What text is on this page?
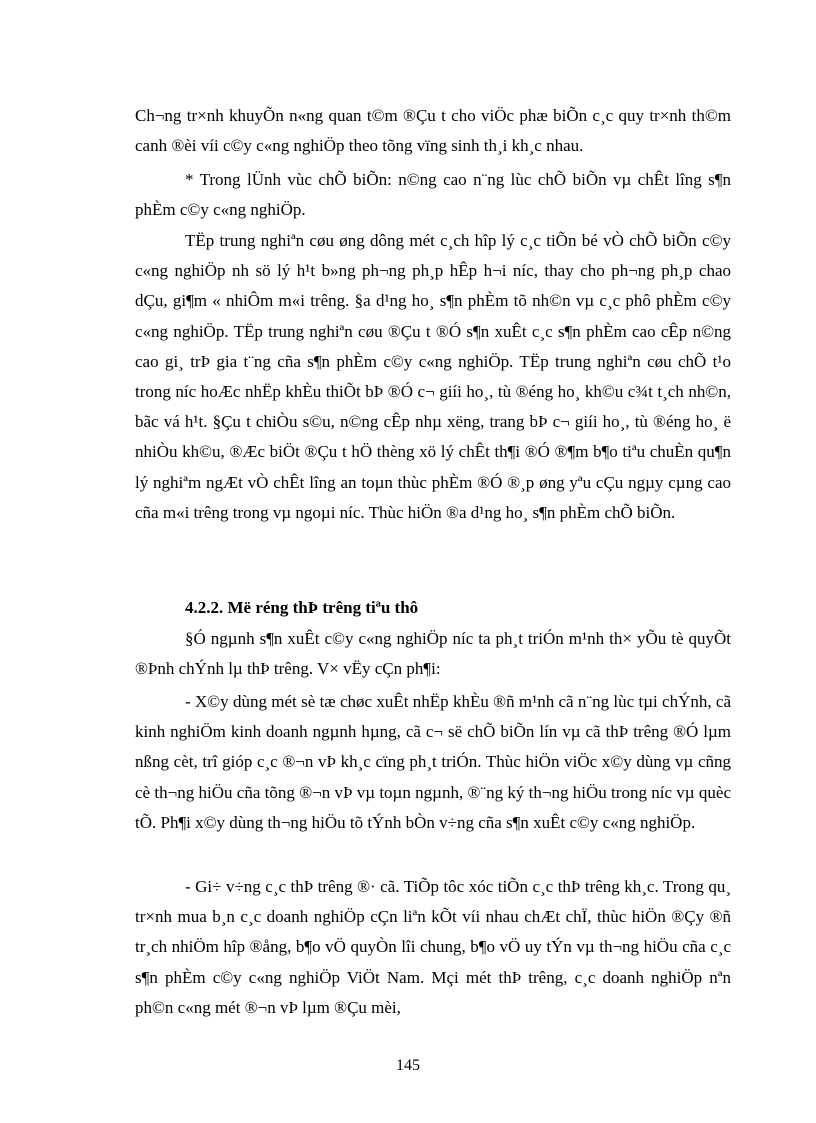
Ch¬ng tr×nh khuyÕn n«ng quan t©m ®Çu t cho viÖc phæ biÕn c¸c quy tr×nh th©m canh ®èi víi c©y c«ng nghiÖp theo tõng vïng sinh th¸i kh¸c nhau.

* Trong lÜnh vùc chÕ biÕn: n©ng cao n¨ng lùc chÕ biÕn vµ chÊt lîng s¶n phÈm c©y c«ng nghiÖp.

TËp trung nghiªn cøu øng dông mét c¸ch hîp lý c¸c tiÕn bé vÒ chÕ biÕn c©y c«ng nghiÖp nh sö lý h¹t b»ng ph¬ng ph¸p hÊp h¬i níc, thay cho ph¬ng ph¸p chao dÇu, gi¶m « nhiÔm m«i trêng. §a d¹ng ho¸ s¶n phÈm tõ nh©n vµ c¸c phô phÈm c©y c«ng nghiÖp. TËp trung nghiªn cøu ®Çu t ®Ó s¶n xuÊt c¸c s¶n phÈm cao cÊp n©ng cao gi¸ trÞ gia t¨ng cña s¶n phÈm c©y c«ng nghiÖp. TËp trung nghiªn cøu chÕ t¹o trong níc hoÆc nhËp khÈu thiÕt bÞ ®Ó c¬ giíi ho¸, tù ®éng ho¸ kh©u c¾t t¸ch nh©n, bãc vá h¹t. §Çu t chiÒu s©u, n©ng cÊp nhµ xëng, trang bÞ c¬ giíi ho¸, tù ®éng ho¸ ë nhiÒu kh©u, ®Æc biÖt ®Çu t hÖ thèng xö lý chÊt th¶i ®Ó ®¶m b¶o tiªu chuÈn qu¶n lý nghiªm ngÆt vÒ chÊt lîng an toµn thùc phÈm ®Ó ®¸p øng yªu cÇu ngµy cµng cao cña m«i trêng trong vµ ngoµi níc. Thùc hiÖn ®a d¹ng ho¸ s¶n phÈm chÕ biÕn.

4.2.2. Më réng thÞ trêng tiªu thô

§Ó ngµnh s¶n xuÊt c©y c«ng nghiÖp níc ta ph¸t triÓn m¹nh th× yÕu tè quyÕt ®Þnh chÝnh lµ thÞ trêng. V× vËy cÇn ph¶i:

- X©y dùng mét sè tæ chøc xuÊt nhËp khÈu ®ñ m¹nh cã n¨ng lùc tµi chÝnh, cã kinh nghiÖm kinh doanh ngµnh hµng, cã c¬ së chÕ biÕn lín vµ cã thÞ trêng ®Ó lµm nßng cèt, trî gióp c¸c ®¬n vÞ kh¸c cïng ph¸t triÓn. Thùc hiÖn viÖc x©y dùng vµ cñng cè th¬ng hiÖu cña tõng ®¬n vÞ vµ toµn ngµnh, ®¨ng ký th¬ng hiÖu trong níc vµ quèc tÕ. Ph¶i x©y dùng th¬ng hiÖu tõ tÝnh bÒn v÷ng cña s¶n xuÊt c©y c«ng nghiÖp.

- Gi÷ v÷ng c¸c thÞ trêng ®· cã. TiÕp tôc xóc tiÕn c¸c thÞ trêng kh¸c. Trong qu¸ tr×nh mua b¸n c¸c doanh nghiÖp cÇn liªn kÕt víi nhau chÆt chÏ, thùc hiÖn ®Çy ®ñ tr¸ch nhiÖm hîp ®ång, b¶o vÖ quyÒn lîi chung, b¶o vÖ uy tÝn vµ th¬ng hiÖu cña c¸c s¶n phÈm c©y c«ng nghiÖp ViÖt Nam. Mçi mét thÞ trêng, c¸c doanh nghiÖp nªn ph©n c«ng mét ®¬n vÞ lµm ®Çu mèi,

145
